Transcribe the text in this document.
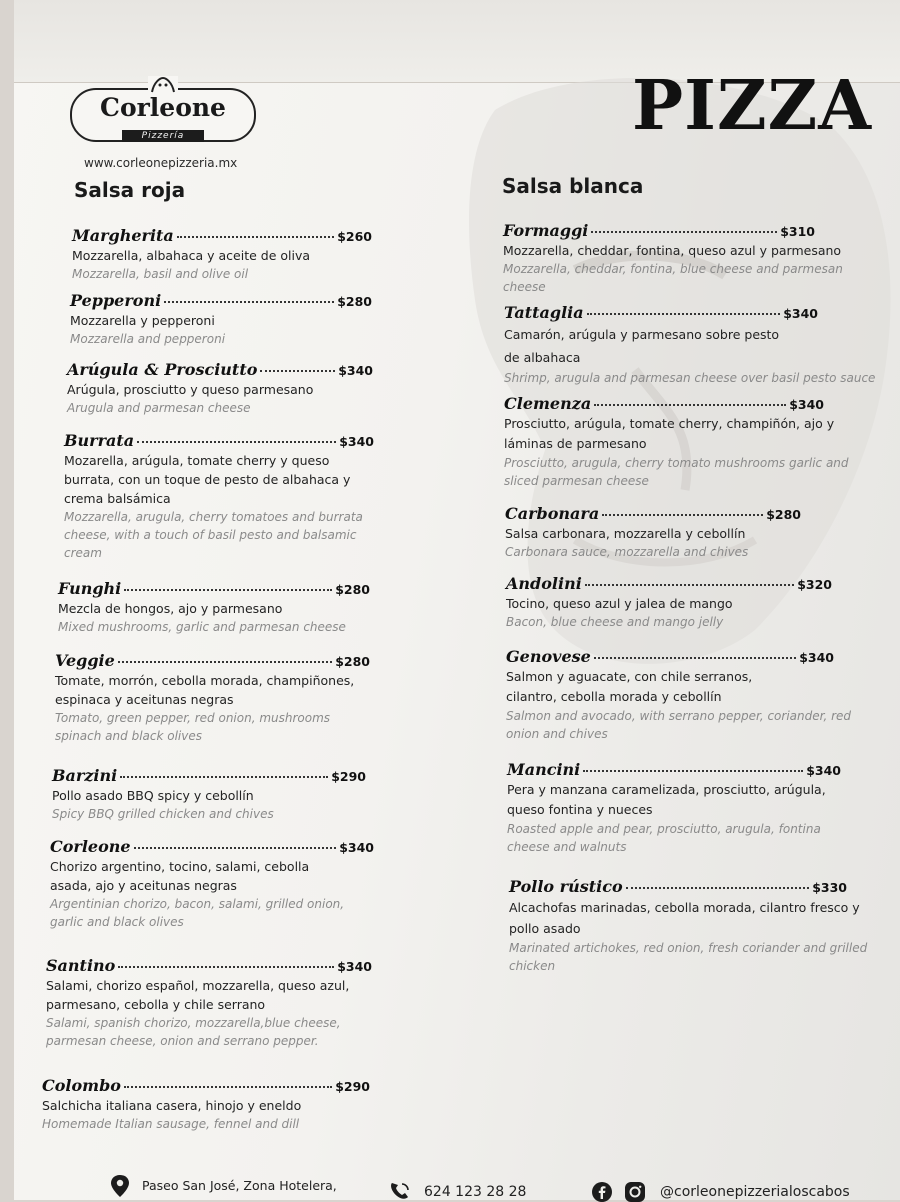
Corleone
Pizzería
www.corleonepizzeria.mx
PIZZA
Salsa roja	Salsa blanca
Margherita	$260
Mozzarella, albahaca y aceite de oliva
Mozzarella, basil and olive oil
Pepperoni	$280
Mozzarella y pepperoni
Mozzarella and pepperoni
Arúgula & Prosciutto	$340
Arúgula, prosciutto y queso parmesano
Arugula and parmesan cheese
Burrata	$340
Mozarella, arúgula, tomate cherry y queso burrata, con un toque de pesto de albahaca y crema balsámica
Mozzarella, arugula, cherry tomatoes and burrata cheese, with a touch of basil pesto and balsamic cream
Funghi	$280
Mezcla de hongos, ajo y parmesano
Mixed mushrooms, garlic and parmesan cheese
Veggie	$280
Tomate, morrón, cebolla morada, champiñones, espinaca y aceitunas negras
Tomato, green pepper, red onion, mushrooms spinach and black olives
Barzini	$290
Pollo asado BBQ spicy y cebollín
Spicy BBQ grilled chicken and chives
Corleone	$340
Chorizo argentino, tocino, salami, cebolla asada, ajo y aceitunas negras
Argentinian chorizo, bacon, salami, grilled onion, garlic and black olives
Santino	$340
Salami, chorizo español, mozzarella, queso azul, parmesano, cebolla y chile serrano
Salami, spanish chorizo, mozzarella,blue cheese, parmesan cheese, onion and serrano pepper.
Colombo	$290
Salchicha italiana casera, hinojo y eneldo
Homemade Italian sausage, fennel and dill
Formaggi	$310
Mozzarella, cheddar, fontina, queso azul y parmesano
Mozzarella, cheddar, fontina, blue cheese and parmesan cheese
Tattaglia	$340
Camarón, arúgula y parmesano sobre pesto de albahaca
Shrimp, arugula and parmesan cheese over basil pesto sauce
Clemenza	$340
Prosciutto, arúgula, tomate cherry, champiñón, ajo y láminas de parmesano
Prosciutto, arugula, cherry tomato mushrooms garlic and sliced parmesan cheese
Carbonara	$280
Salsa carbonara, mozzarella y cebollín
Carbonara sauce, mozzarella and chives
Andolini	$320
Tocino, queso azul y jalea de mango
Bacon, blue cheese and mango jelly
Genovese	$340
Salmon y aguacate, con chile serranos, cilantro, cebolla morada y cebollín
Salmon and avocado, with serrano pepper, coriander, red onion and chives
Mancini	$340
Pera y manzana caramelizada, prosciutto, arúgula, queso fontina y nueces
Roasted apple and pear, prosciutto, arugula, fontina cheese and walnuts
Pollo rústico	$330
Alcachofas marinadas, cebolla morada, cilantro fresco y pollo asado
Marinated artichokes, red onion, fresh coriander and grilled chicken
Paseo San José, Zona Hotelera,	624 123 28 28	@corleonepizzerialoscabos
